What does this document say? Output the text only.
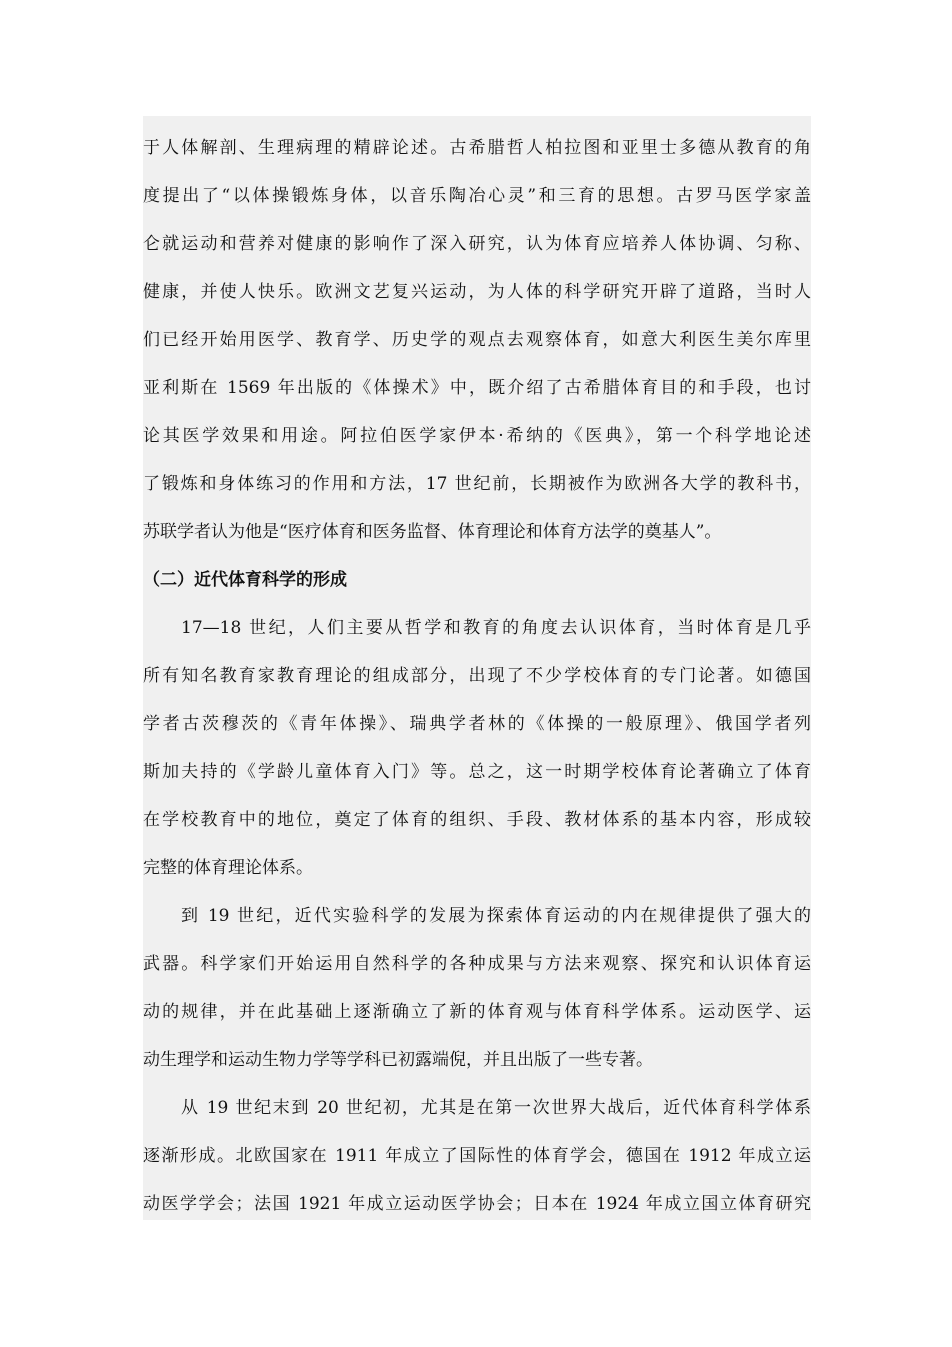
于人体解剖、生理病理的精辟论述。古希腊哲人柏拉图和亚里士多德从教育的角
度提出了“以体操锻炼身体，以音乐陶冶心灵”和三育的思想。古罗马医学家盖
仑就运动和营养对健康的影响作了深入研究，认为体育应培养人体协调、匀称、
健康，并使人快乐。欧洲文艺复兴运动，为人体的科学研究开辟了道路，当时人
们已经开始用医学、教育学、历史学的观点去观察体育，如意大利医生美尔库里
亚利斯在 1569 年出版的《体操术》中，既介绍了古希腊体育目的和手段，也讨
论其医学效果和用途。阿拉伯医学家伊本·希纳的《医典》，第一个科学地论述
了锻炼和身体练习的作用和方法，17 世纪前，长期被作为欧洲各大学的教科书，
苏联学者认为他是“医疗体育和医务监督、体育理论和体育方法学的奠基人”。
（二）近代体育科学的形成
17—18 世纪，人们主要从哲学和教育的角度去认识体育，当时体育是几乎
所有知名教育家教育理论的组成部分，出现了不少学校体育的专门论著。如德国
学者古茨穆茨的《青年体操》、瑞典学者林的《体操的一般原理》、俄国学者列
斯加夫持的《学龄儿童体育入门》等。总之，这一时期学校体育论著确立了体育
在学校教育中的地位，奠定了体育的组织、手段、教材体系的基本内容，形成较
完整的体育理论体系。
到 19 世纪，近代实验科学的发展为探索体育运动的内在规律提供了强大的
武器。科学家们开始运用自然科学的各种成果与方法来观察、探究和认识体育运
动的规律，并在此基础上逐渐确立了新的体育观与体育科学体系。运动医学、运
动生理学和运动生物力学等学科已初露端倪，并且出版了一些专著。
从 19 世纪末到 20 世纪初，尤其是在第一次世界大战后，近代体育科学体系
逐渐形成。北欧国家在 1911 年成立了国际性的体育学会，德国在 1912 年成立运
动医学学会；法国 1921 年成立运动医学协会；日本在 1924 年成立国立体育研究
